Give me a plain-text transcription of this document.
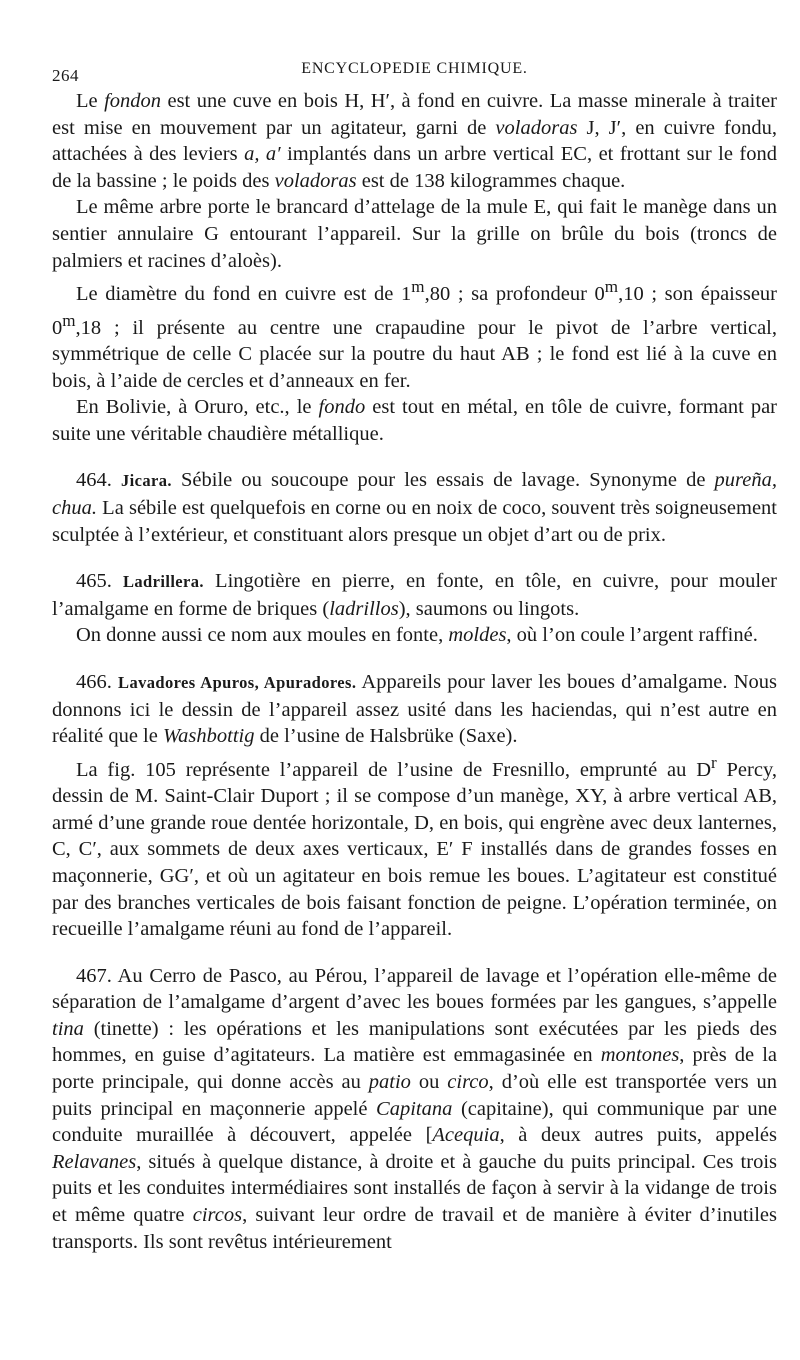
264	ENCYCLOPEDIE CHIMIQUE.

Le fondon est une cuve en bois H, H′, à fond en cuivre. La masse minerale à traiter est mise en mouvement par un agitateur, garni de voladoras J, J′, en cuivre fondu, attachées à des leviers a, a′ implantés dans un arbre vertical EC, et frottant sur le fond de la bassine ; le poids des voladoras est de 138 kilogrammes chaque.

Le même arbre porte le brancard d’attelage de la mule E, qui fait le manège dans un sentier annulaire G entourant l’appareil. Sur la grille on brûle du bois (troncs de palmiers et racines d’aloès).

Le diamètre du fond en cuivre est de 1$^m$,80 ; sa profondeur 0$^m$,10 ; son épaisseur 0$^m$,18 ; il présente au centre une crapaudine pour le pivot de l’arbre vertical, symmétrique de celle C placée sur la poutre du haut AB ; le fond est lié à la cuve en bois, à l’aide de cercles et d’anneaux en fer.

En Bolivie, à Oruro, etc., le fondo est tout en métal, en tôle de cuivre, formant par suite une véritable chaudière métallique.

464. Jicara. Sébile ou soucoupe pour les essais de lavage. Synonyme de pureña, chua. La sébile est quelquefois en corne ou en noix de coco, souvent très soigneusement sculptée à l’extérieur, et constituant alors presque un objet d’art ou de prix.

465. Ladrillera. Lingotière en pierre, en fonte, en tôle, en cuivre, pour mouler l’amalgame en forme de briques (ladrillos), saumons ou lingots.

On donne aussi ce nom aux moules en fonte, moldes, où l’on coule l’argent raffiné.

466. Lavadores Apuros, Apuradores. Appareils pour laver les boues d’amalgame. Nous donnons ici le dessin de l’appareil assez usité dans les haciendas, qui n’est autre en réalité que le Washbottig de l’usine de Halsbrüke (Saxe).

La fig. 105 représente l’appareil de l’usine de Fresnillo, emprunté au $D^r$ Percy, dessin de M. Saint-Clair Duport ; il se compose d’un manège, XY, à arbre vertical AB, armé d’une grande roue dentée horizontale, D, en bois, qui engrène avec deux lanternes, C, C′, aux sommets de deux axes verticaux, E′ F installés dans de grandes fosses en maçonnerie, GG′, et où un agitateur en bois remue les boues. L’agitateur est constitué par des branches verticales de bois faisant fonction de peigne. L’opération terminée, on recueille l’amalgame réuni au fond de l’appareil.

467. Au Cerro de Pasco, au Pérou, l’appareil de lavage et l’opération elle-même de séparation de l’amalgame d’argent d’avec les boues formées par les gangues, s’appelle tina (tinette) : les opérations et les manipulations sont exécutées par les pieds des hommes, en guise d’agitateurs. La matière est emmagasinée en montones, près de la porte principale, qui donne accès au patio ou circo, d’où elle est transportée vers un puits principal en maçonnerie appelé Capitana (capitaine), qui communique par une conduite muraillée à découvert, appelée [Acequia, à deux autres puits, appelés Relavanes, situés à quelque distance, à droite et à gauche du puits principal. Ces trois puits et les conduites intermédiaires sont installés de façon à servir à la vidange de trois et même quatre circos, suivant leur ordre de travail et de manière à éviter d’inutiles transports. Ils sont revêtus intérieurement
